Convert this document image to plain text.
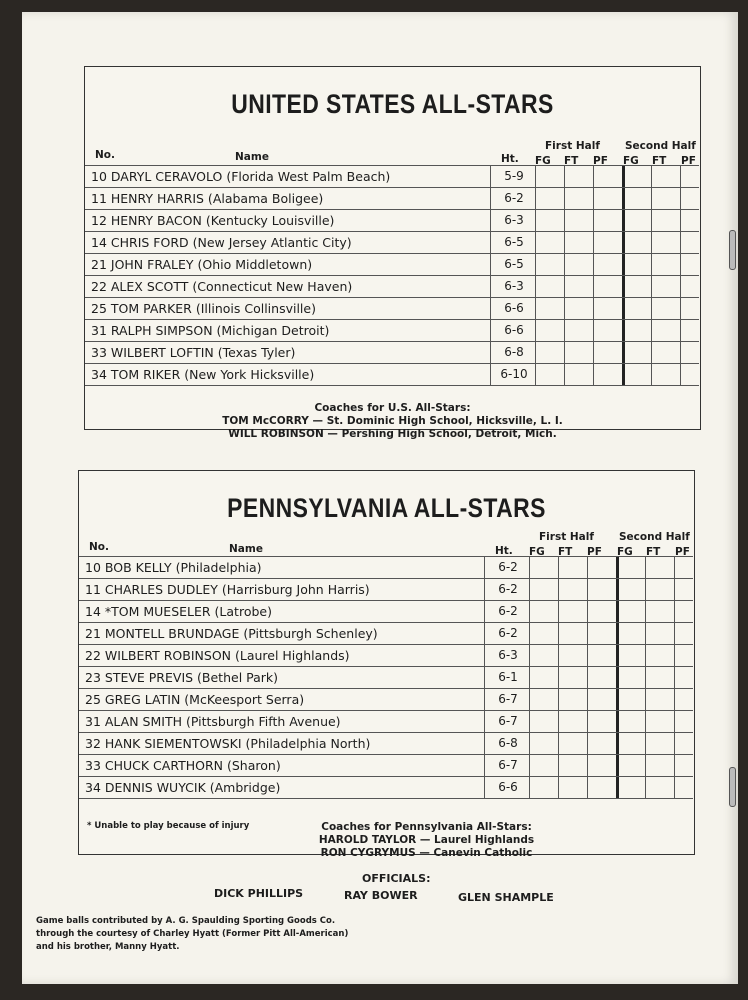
UNITED STATES ALL-STARS
No.	Name	Ht.
First Half Second Half
FG FT PF FG FT PF
10 DARYL CERAVOLO (Florida West Palm Beach)	5-9
11 HENRY HARRIS (Alabama Boligee)	6-2
12 HENRY BACON (Kentucky Louisville)	6-3
14 CHRIS FORD (New Jersey Atlantic City)	6-5
21 JOHN FRALEY (Ohio Middletown)	6-5
22 ALEX SCOTT (Connecticut New Haven)	6-3
25 TOM PARKER (Illinois Collinsville)	6-6
31 RALPH SIMPSON (Michigan Detroit)	6-6
33 WILBERT LOFTIN (Texas Tyler)	6-8
34 TOM RIKER (New York Hicksville)	6-10
Coaches for U.S. All-Stars:
TOM McCORRY — St. Dominic High School, Hicksville, L. I.
WILL ROBINSON — Pershing High School, Detroit, Mich.
PENNSYLVANIA ALL-STARS
No.	Name	Ht.
First Half Second Half
FG FT PF FG FT PF
10 BOB KELLY (Philadelphia)	6-2
11 CHARLES DUDLEY (Harrisburg John Harris)	6-2
14 *TOM MUESELER (Latrobe)	6-2
21 MONTELL BRUNDAGE (Pittsburgh Schenley)	6-2
22 WILBERT ROBINSON (Laurel Highlands)	6-3
23 STEVE PREVIS (Bethel Park)	6-1
25 GREG LATIN (McKeesport Serra)	6-7
31 ALAN SMITH (Pittsburgh Fifth Avenue)	6-7
32 HANK SIEMENTOWSKI (Philadelphia North)	6-8
33 CHUCK CARTHORN (Sharon)	6-7
34 DENNIS WUYCIK (Ambridge)	6-6
* Unable to play because of injury	Coaches for Pennsylvania All-Stars:
HAROLD TAYLOR — Laurel Highlands
RON CYGRYMUS — Canevin Catholic
OFFICIALS:
DICK PHILLIPS	RAY BOWER	GLEN SHAMPLE
Game balls contributed by A. G. Spaulding Sporting Goods Co.
through the courtesy of Charley Hyatt (Former Pitt All-American)
and his brother, Manny Hyatt.
